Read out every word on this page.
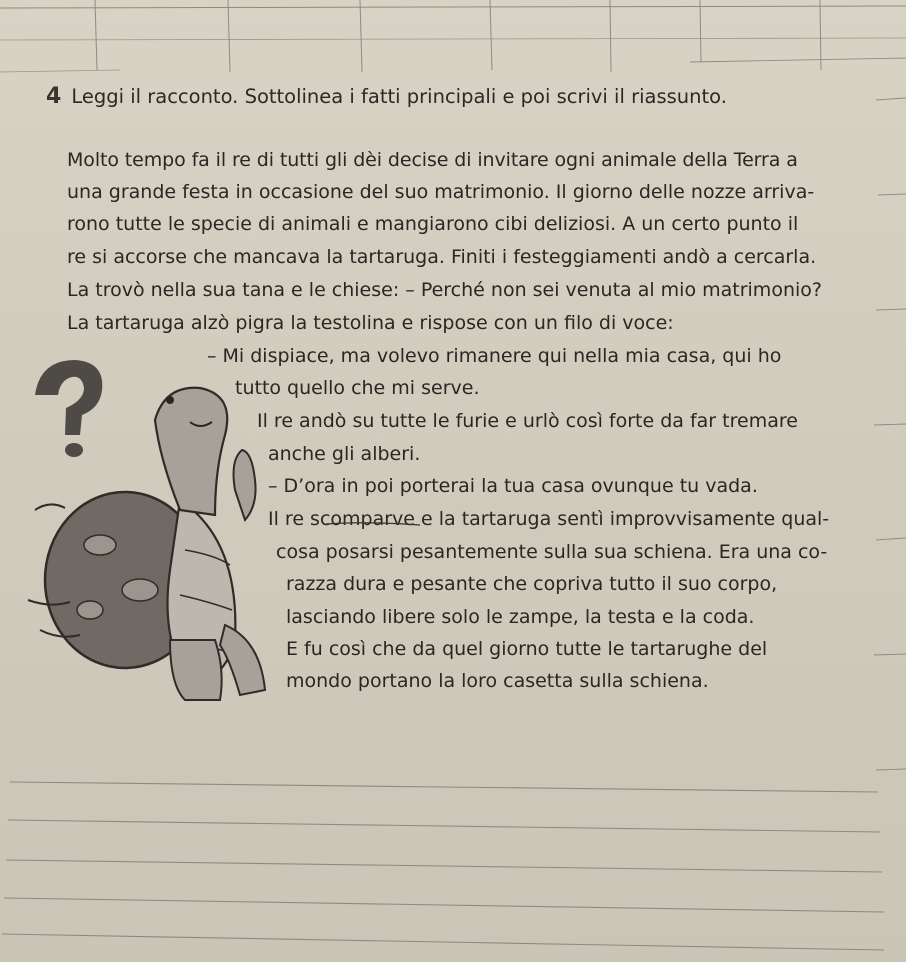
4 Leggi il racconto. Sottolinea i fatti principali e poi scrivi il riassunto.
Molto tempo fa il re di tutti gli dèi decise di invitare ogni animale della Terra a
una grande festa in occasione del suo matrimonio. Il giorno delle nozze arriva-
rono tutte le specie di animali e mangiarono cibi deliziosi. A un certo punto il
re si accorse che mancava la tartaruga. Finiti i festeggiamenti andò a cercarla.
La trovò nella sua tana e le chiese: – Perché non sei venuta al mio matrimonio?
La tartaruga alzò pigra la testolina e rispose con un filo di voce:
– Mi dispiace, ma volevo rimanere qui nella mia casa, qui ho
tutto quello che mi serve.
Il re andò su tutte le furie e urlò così forte da far tremare
anche gli alberi.
– D’ora in poi porterai la tua casa ovunque tu vada.
Il re scomparve e la tartaruga sentì improvvisamente qual-
cosa posarsi pesantemente sulla sua schiena. Era una co-
razza dura e pesante che copriva tutto il suo corpo,
lasciando libere solo le zampe, la testa e la coda.
E fu così che da quel giorno tutte le tartarughe del
mondo portano la loro casetta sulla schiena.
